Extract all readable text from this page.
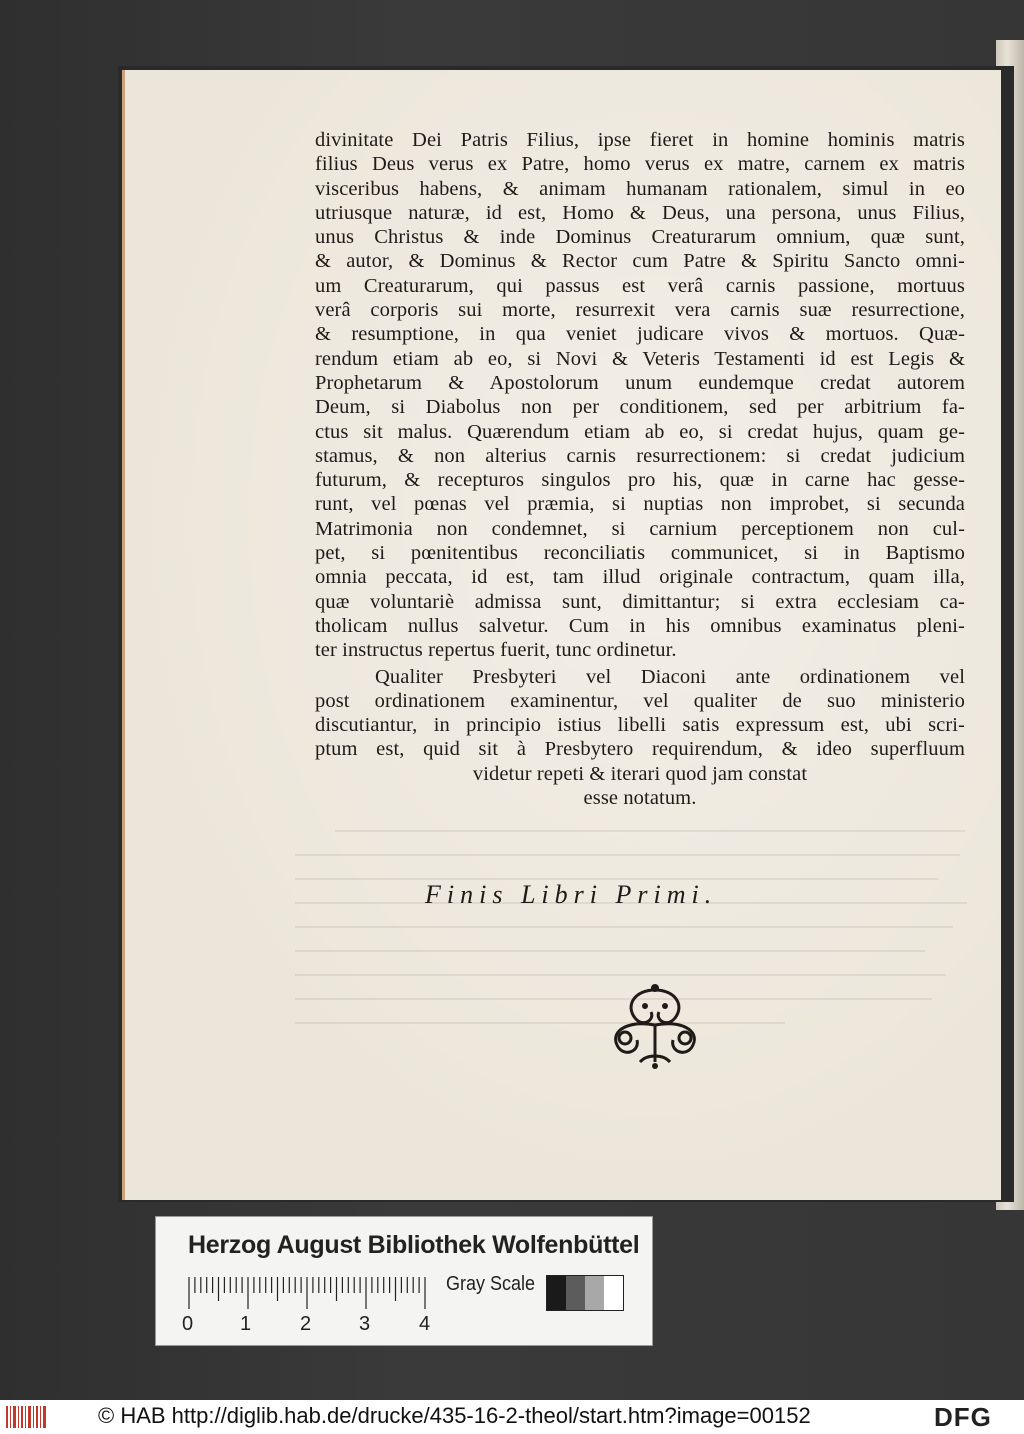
divinitate Dei Patris Filius, ipse fieret in homine hominis matris
filius Deus verus ex Patre, homo verus ex matre, carnem ex matris
visceribus habens, & animam humanam rationalem, simul in eo
utriusque naturæ, id est, Homo & Deus, una persona, unus Filius,
unus Christus & inde Dominus Creaturarum omnium, quæ sunt,
& autor, & Dominus & Rector cum Patre & Spiritu Sancto omni-
um Creaturarum, qui passus est verâ carnis passione, mortuus
verâ corporis sui morte, resurrexit vera carnis suæ resurrectione,
& resumptione, in qua veniet judicare vivos & mortuos. Quæ-
rendum etiam ab eo, si Novi & Veteris Testamenti id est Legis &
Prophetarum & Apostolorum unum eundemque credat autorem
Deum, si Diabolus non per conditionem, sed per arbitrium fa-
ctus sit malus. Quærendum etiam ab eo, si credat hujus, quam ge-
stamus, & non alterius carnis resurrectionem: si credat judicium
futurum, & recepturos singulos pro his, quæ in carne hac gesse-
runt, vel pœnas vel præmia, si nuptias non improbet, si secunda
Matrimonia non condemnet, si carnium perceptionem non cul-
pet, si pœnitentibus reconciliatis communicet, si in Baptismo
omnia peccata, id est, tam illud originale contractum, quam illa,
quæ voluntariè admissa sunt, dimittantur; si extra ecclesiam ca-
tholicam nullus salvetur. Cum in his omnibus examinatus pleni-
ter instructus repertus fuerit, tunc ordinetur.
Qualiter Presbyteri vel Diaconi ante ordinationem vel
post ordinationem examinentur, vel qualiter de suo ministerio
discutiantur, in principio istius libelli satis expressum est, ubi scri-
ptum est, quid sit à Presbytero requirendum, & ideo superfluum
videtur repeti & iterari quod jam constat
esse notatum.
Finis Libri Primi.
Herzog August Bibliothek Wolfenbüttel
0 1 2 3 4
Gray Scale
© HAB http://diglib.hab.de/drucke/435-16-2-theol/start.htm?image=00152	DFG
